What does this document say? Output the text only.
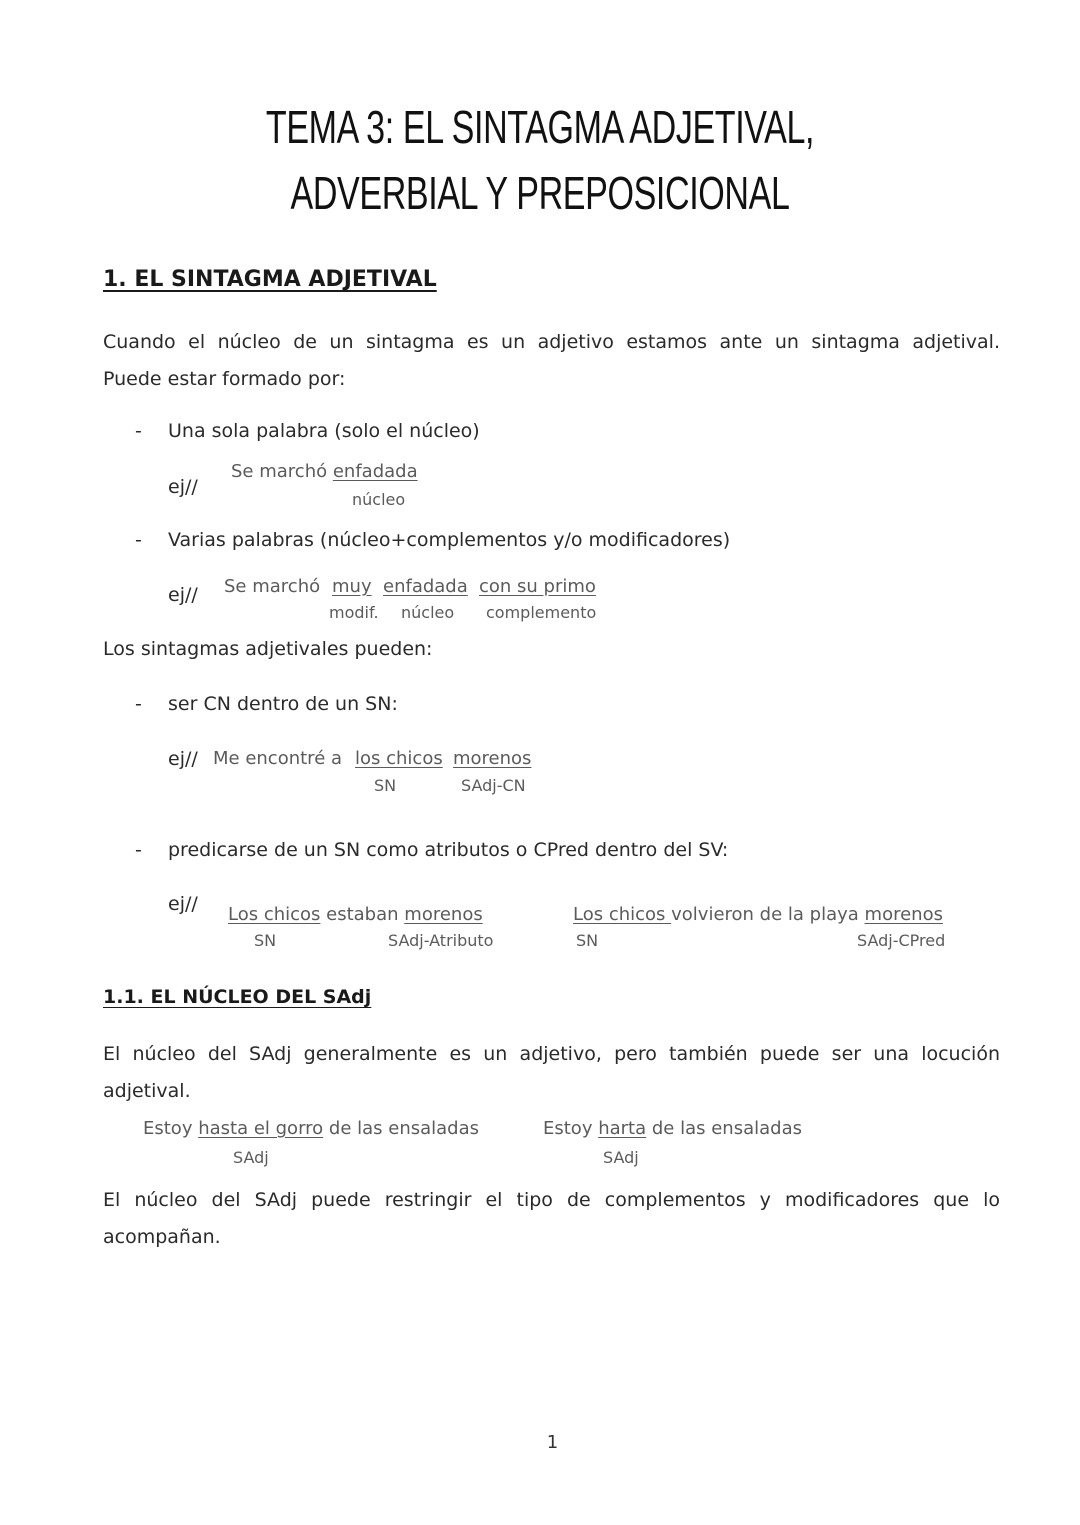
TEMA 3: EL SINTAGMA ADJETIVAL,
ADVERBIAL Y PREPOSICIONAL
1. EL SINTAGMA ADJETIVAL
Cuando el núcleo de un sintagma es un adjetivo estamos ante un sintagma adjetival.
Puede estar formado por:
- Una sola palabra (solo el núcleo)
ej//
Se marchó enfadada
núcleo
- Varias palabras (núcleo+complementos y/o modificadores)
ej// Se marchó muy enfadada con su primo
modif. núcleo complemento
Los sintagmas adjetivales pueden:
- ser CN dentro de un SN:
ej// Me encontré a los chicos morenos
SN	SAdj-CN
- predicarse de un SN como atributos o CPred dentro del SV:
ej// Los chicos estaban morenos
SN	SAdj-Atributo
Los chicos volvieron de la playa morenos
SN	SAdj-CPred
1.1. EL NÚCLEO DEL SAdj
El núcleo del SAdj generalmente es un adjetivo, pero también puede ser una locución
adjetival.
Estoy hasta el gorro de las ensaladas
SAdj
Estoy harta de las ensaladas
SAdj
El núcleo del SAdj puede restringir el tipo de complementos y modificadores que lo
acompañan.
1
